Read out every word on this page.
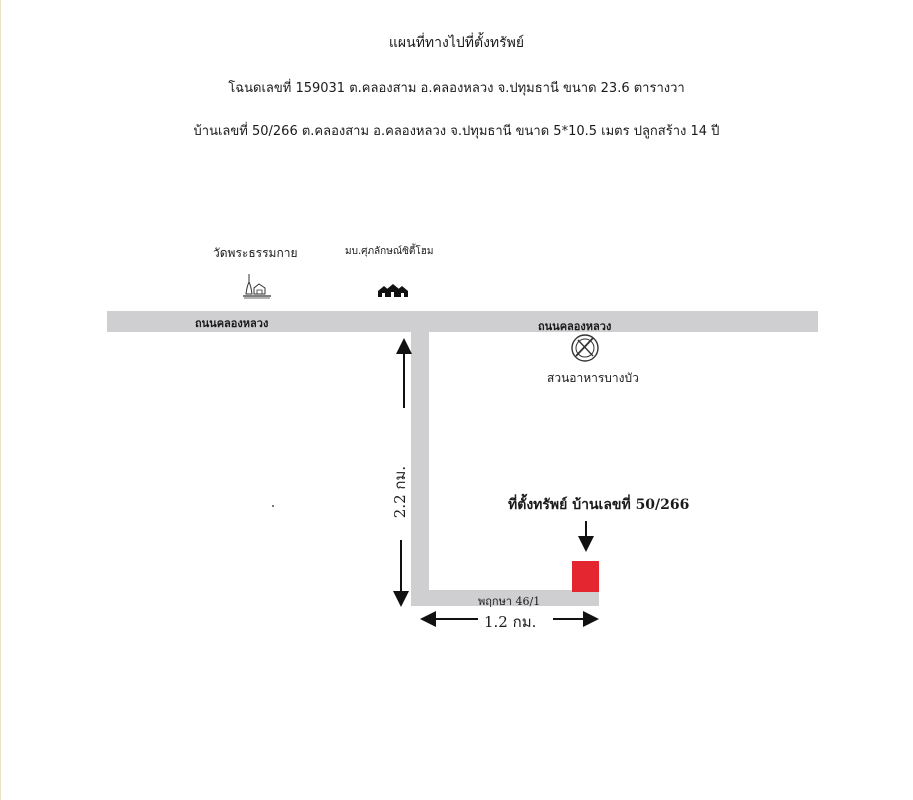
แผนที่ทางไปที่ตั้งทรัพย์
โฉนดเลขที่ 159031 ต.คลองสาม อ.คลองหลวง จ.ปทุมธานี ขนาด 23.6 ตารางวา
บ้านเลขที่ 50/266 ต.คลองสาม อ.คลองหลวง จ.ปทุมธานี ขนาด 5*10.5 เมตร ปลูกสร้าง 14 ปี
ถนนคลองหลวง	ถนนคลองหลวง
พฤกษา 46/1
วัดพระธรรมกาย	มบ.ศุภลักษณ์ซิตี้โฮม
สวนอาหารบางบัว
2.2 กม.
1.2 กม.
ที่ตั้งทรัพย์ บ้านเลขที่ 50/266
